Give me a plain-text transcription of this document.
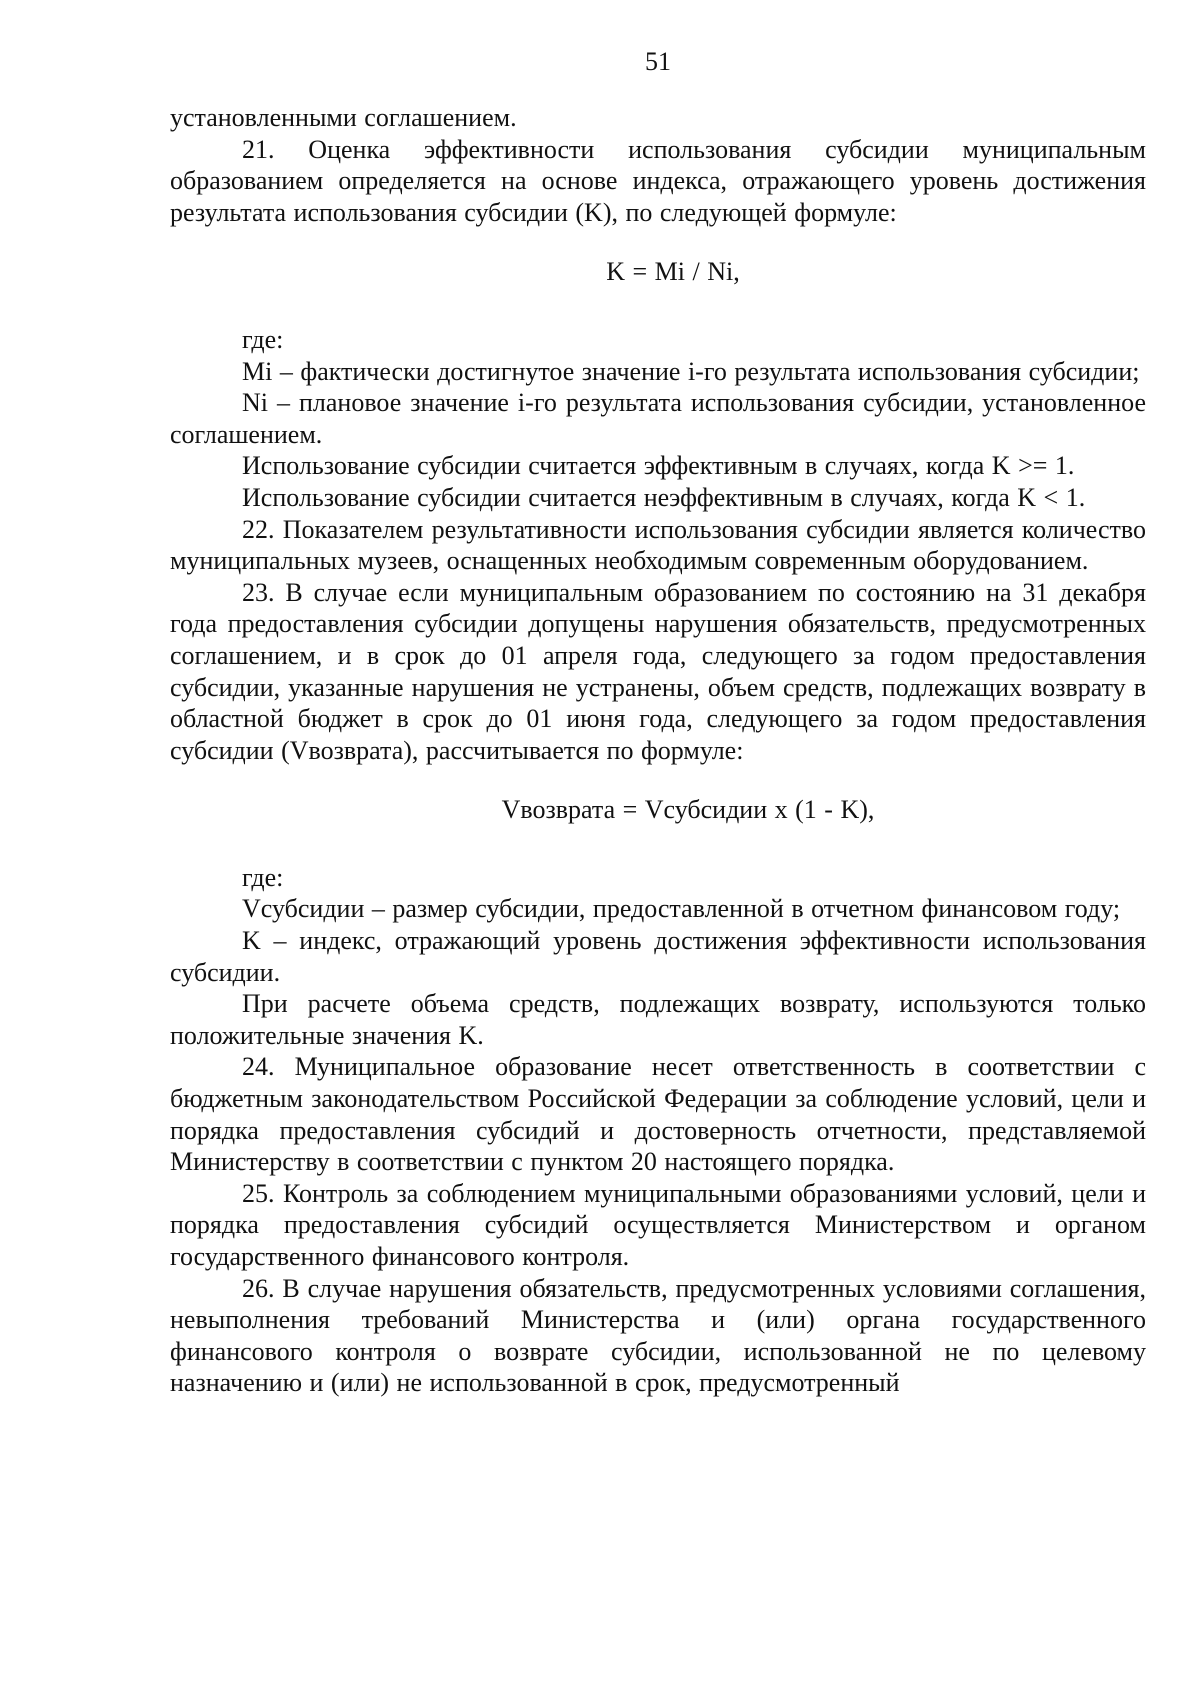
51

установленными соглашением.

21. Оценка эффективности использования субсидии муниципальным образованием определяется на основе индекса, отражающего уровень достижения результата использования субсидии (K), по следующей формуле:

K = Mi / Ni,

где:

Mi – фактически достигнутое значение i-го результата использования субсидии;

Ni – плановое значение i-го результата использования субсидии, установленное соглашением.

Использование субсидии считается эффективным в случаях, когда K >= 1.

Использование субсидии считается неэффективным в случаях, когда K < 1.

22. Показателем результативности использования субсидии является количество муниципальных музеев, оснащенных необходимым современным оборудованием.

23. В случае если муниципальным образованием по состоянию на 31 декабря года предоставления субсидии допущены нарушения обязательств, предусмотренных соглашением, и в срок до 01 апреля года, следующего за годом предоставления субсидии, указанные нарушения не устранены, объем средств, подлежащих возврату в областной бюджет в срок до 01 июня года, следующего за годом предоставления субсидии (Vвозврата), рассчитывается по формуле:

Vвозврата = Vсубсидии x (1 - K),

где:

Vсубсидии – размер субсидии, предоставленной в отчетном финансовом году;

K – индекс, отражающий уровень достижения эффективности использования субсидии.

При расчете объема средств, подлежащих возврату, используются только положительные значения K.

24. Муниципальное образование несет ответственность в соответствии с бюджетным законодательством Российской Федерации за соблюдение условий, цели и порядка предоставления субсидий и достоверность отчетности, представляемой Министерству в соответствии с пунктом 20 настоящего порядка.

25. Контроль за соблюдением муниципальными образованиями условий, цели и порядка предоставления субсидий осуществляется Министерством и органом государственного финансового контроля.

26. В случае нарушения обязательств, предусмотренных условиями соглашения, невыполнения требований Министерства и (или) органа государственного финансового контроля о возврате субсидии, использованной не по целевому назначению и (или) не использованной в срок, предусмотренный
